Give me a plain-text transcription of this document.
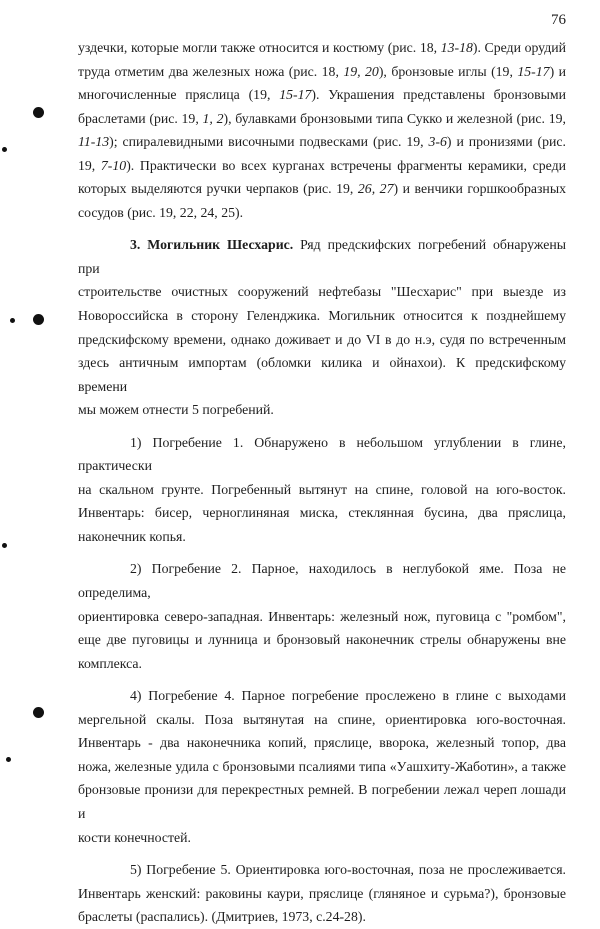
76
уздечки, которые могли также относится и костюму (рис. 18, 13-18). Среди орудий
труда отметим два железных ножа (рис. 18, 19, 20), бронзовые иглы (19, 15-17) и
многочисленные пряслица (19, 15-17). Украшения представлены бронзовыми
браслетами (рис. 19, 1, 2), булавками бронзовыми типа Сукко и железной (рис. 19,
11-13); спиралевидными височными подвесками (рис. 19, 3-6) и пронизями (рис.
19, 7-10). Практически во всех курганах встречены фрагменты керамики, среди
которых выделяются ручки черпаков (рис. 19, 26, 27) и венчики горшкообразных
сосудов (рис. 19, 22, 24, 25).
3. Могильник Шесхарис. Ряд предскифских погребений обнаружены при
строительстве очистных сооружений нефтебазы "Шесхарис" при выезде из
Новороссийска в сторону Геленджика. Могильник относится к позднейшему
предскифскому времени, однако доживает и до VI в до н.э, судя по встреченным
здесь античным импортам (обломки килика и ойнахои). К предскифскому времени
мы можем отнести 5 погребений.
1) Погребение 1. Обнаружено в небольшом углублении в глине, практически
на скальном грунте. Погребенный вытянут на спине, головой на юго-восток.
Инвентарь: бисер, черноглиняная миска, стеклянная бусина, два пряслица,
наконечник копья.
2) Погребение 2. Парное, находилось в неглубокой яме. Поза не определима,
ориентировка северо-западная. Инвентарь: железный нож, пуговица с "ромбом",
еще две пуговицы и лунница и бронзовый наконечник стрелы обнаружены вне
комплекса.
4) Погребение 4. Парное погребение прослежено в глине с выходами
мергельной скалы. Поза вытянутая на спине, ориентировка юго-восточная.
Инвентарь - два наконечника копий, пряслице, вворока, железный топор, два
ножа, железные удила с бронзовыми псалиями типа «Уашхиту-Жаботин», а также
бронзовые пронизи для перекрестных ремней. В погребении лежал череп лошади и
кости конечностей.
5) Погребение 5. Ориентировка юго-восточная, поза не прослеживается.
Инвентарь женский: раковины каури, пряслице (гляняное и сурьма?), бронзовые
браслеты (распались). (Дмитриев, 1973, с.24-28).
